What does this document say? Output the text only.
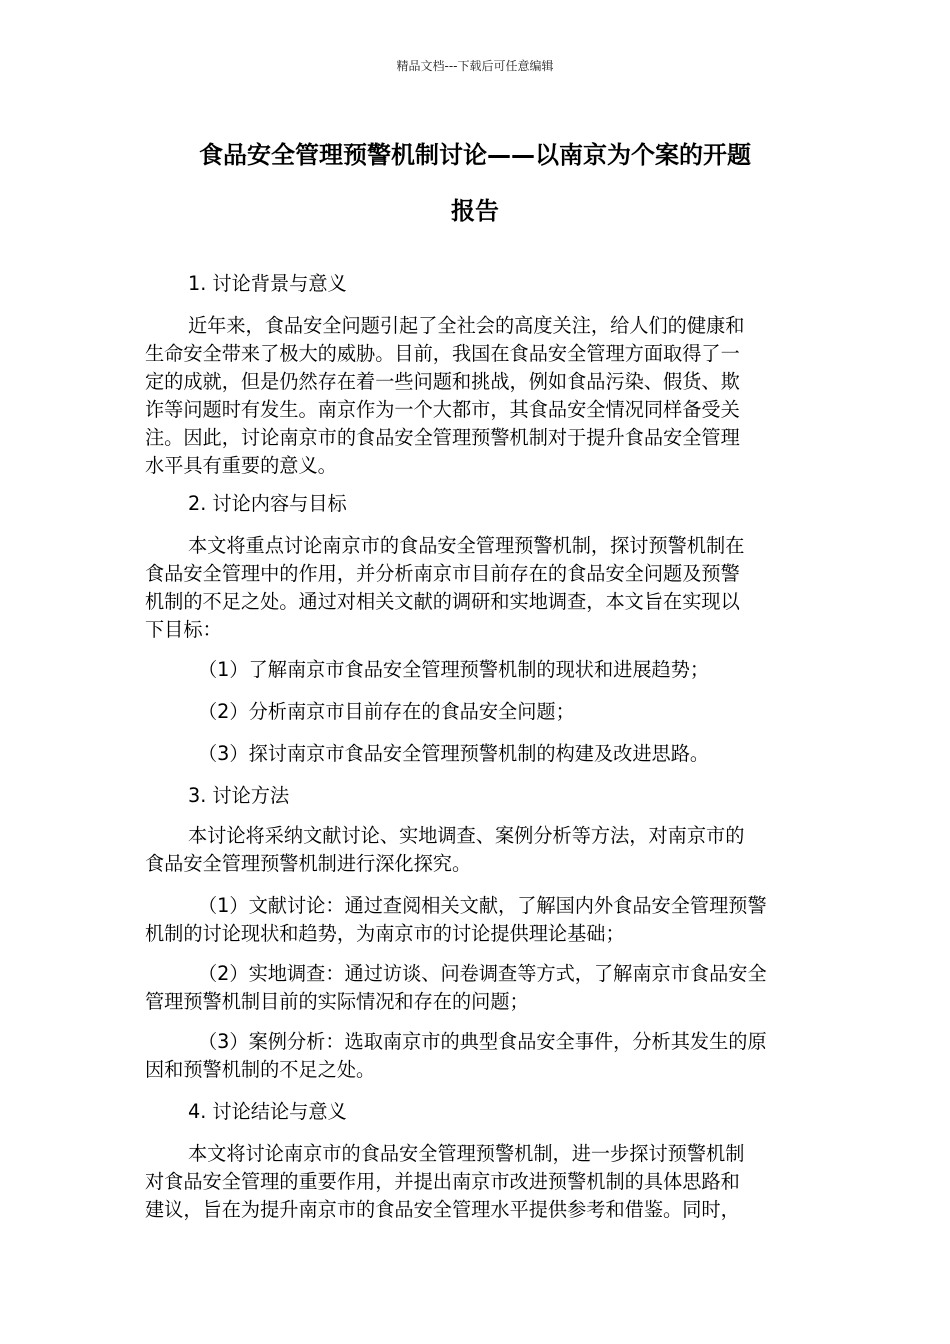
精品文档---下载后可任意编辑
食品安全管理预警机制讨论——以南京为个案的开题
报告
1. 讨论背景与意义
近年来，食品安全问题引起了全社会的高度关注，给人们的健康和
生命安全带来了极大的威胁。目前，我国在食品安全管理方面取得了一
定的成就，但是仍然存在着一些问题和挑战，例如食品污染、假货、欺
诈等问题时有发生。南京作为一个大都市，其食品安全情况同样备受关
注。因此，讨论南京市的食品安全管理预警机制对于提升食品安全管理
水平具有重要的意义。
2. 讨论内容与目标
本文将重点讨论南京市的食品安全管理预警机制，探讨预警机制在
食品安全管理中的作用，并分析南京市目前存在的食品安全问题及预警
机制的不足之处。通过对相关文献的调研和实地调查，本文旨在实现以
下目标：
（1）了解南京市食品安全管理预警机制的现状和进展趋势；
（2）分析南京市目前存在的食品安全问题；
（3）探讨南京市食品安全管理预警机制的构建及改进思路。
3. 讨论方法
本讨论将采纳文献讨论、实地调查、案例分析等方法，对南京市的
食品安全管理预警机制进行深化探究。
（1）文献讨论：通过查阅相关文献，了解国内外食品安全管理预警
机制的讨论现状和趋势，为南京市的讨论提供理论基础；
（2）实地调查：通过访谈、问卷调查等方式，了解南京市食品安全
管理预警机制目前的实际情况和存在的问题；
（3）案例分析：选取南京市的典型食品安全事件，分析其发生的原
因和预警机制的不足之处。
4. 讨论结论与意义
本文将讨论南京市的食品安全管理预警机制，进一步探讨预警机制
对食品安全管理的重要作用，并提出南京市改进预警机制的具体思路和
建议，旨在为提升南京市的食品安全管理水平提供参考和借鉴。同时，
